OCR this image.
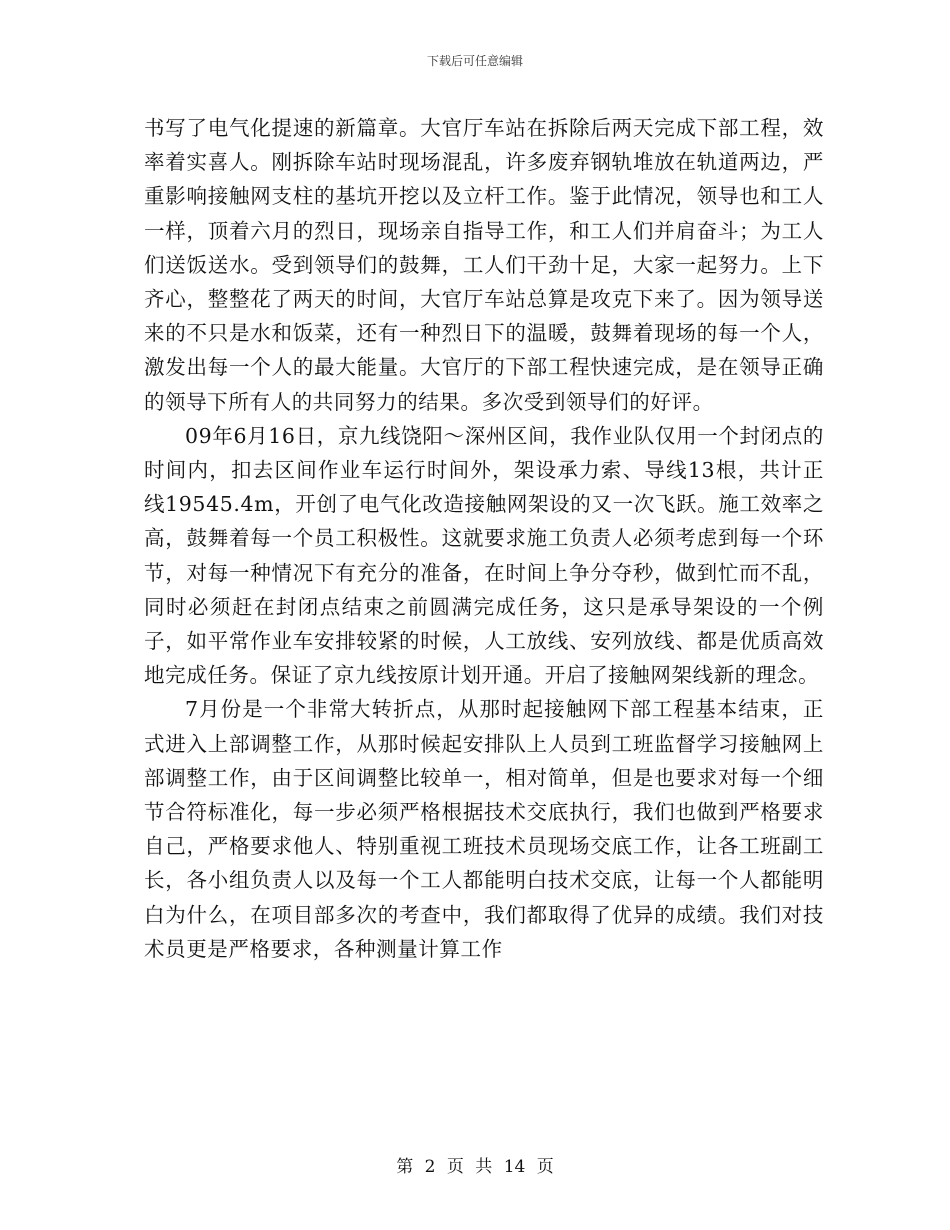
下载后可任意编辑

书写了电气化提速的新篇章。大官厅车站在拆除后两天完成下部工程，效率着实喜人。刚拆除车站时现场混乱，许多废弃钢轨堆放在轨道两边，严重影响接触网支柱的基坑开挖以及立杆工作。鉴于此情况，领导也和工人一样，顶着六月的烈日，现场亲自指导工作，和工人们并肩奋斗；为工人们送饭送水。受到领导们的鼓舞，工人们干劲十足，大家一起努力。上下齐心，整整花了两天的时间，大官厅车站总算是攻克下来了。因为领导送来的不只是水和饭菜，还有一种烈日下的温暖，鼓舞着现场的每一个人，激发出每一个人的最大能量。大官厅的下部工程快速完成，是在领导正确的领导下所有人的共同努力的结果。多次受到领导们的好评。

09年6月16日，京九线饶阳～深州区间，我作业队仅用一个封闭点的时间内，扣去区间作业车运行时间外，架设承力索、导线13根，共计正线19545.4m，开创了电气化改造接触网架设的又一次飞跃。施工效率之高，鼓舞着每一个员工积极性。这就要求施工负责人必须考虑到每一个环节，对每一种情况下有充分的准备，在时间上争分夺秒，做到忙而不乱，同时必须赶在封闭点结束之前圆满完成任务，这只是承导架设的一个例子，如平常作业车安排较紧的时候，人工放线、安列放线、都是优质高效地完成任务。保证了京九线按原计划开通。开启了接触网架线新的理念。

7月份是一个非常大转折点，从那时起接触网下部工程基本结束，正式进入上部调整工作，从那时候起安排队上人员到工班监督学习接触网上部调整工作，由于区间调整比较单一，相对简单，但是也要求对每一个细节合符标准化，每一步必须严格根据技术交底执行，我们也做到严格要求自己，严格要求他人、特别重视工班技术员现场交底工作，让各工班副工长，各小组负责人以及每一个工人都能明白技术交底，让每一个人都能明白为什么，在项目部多次的考查中，我们都取得了优异的成绩。我们对技术员更是严格要求，各种测量计算工作

第 2 页 共 14 页
